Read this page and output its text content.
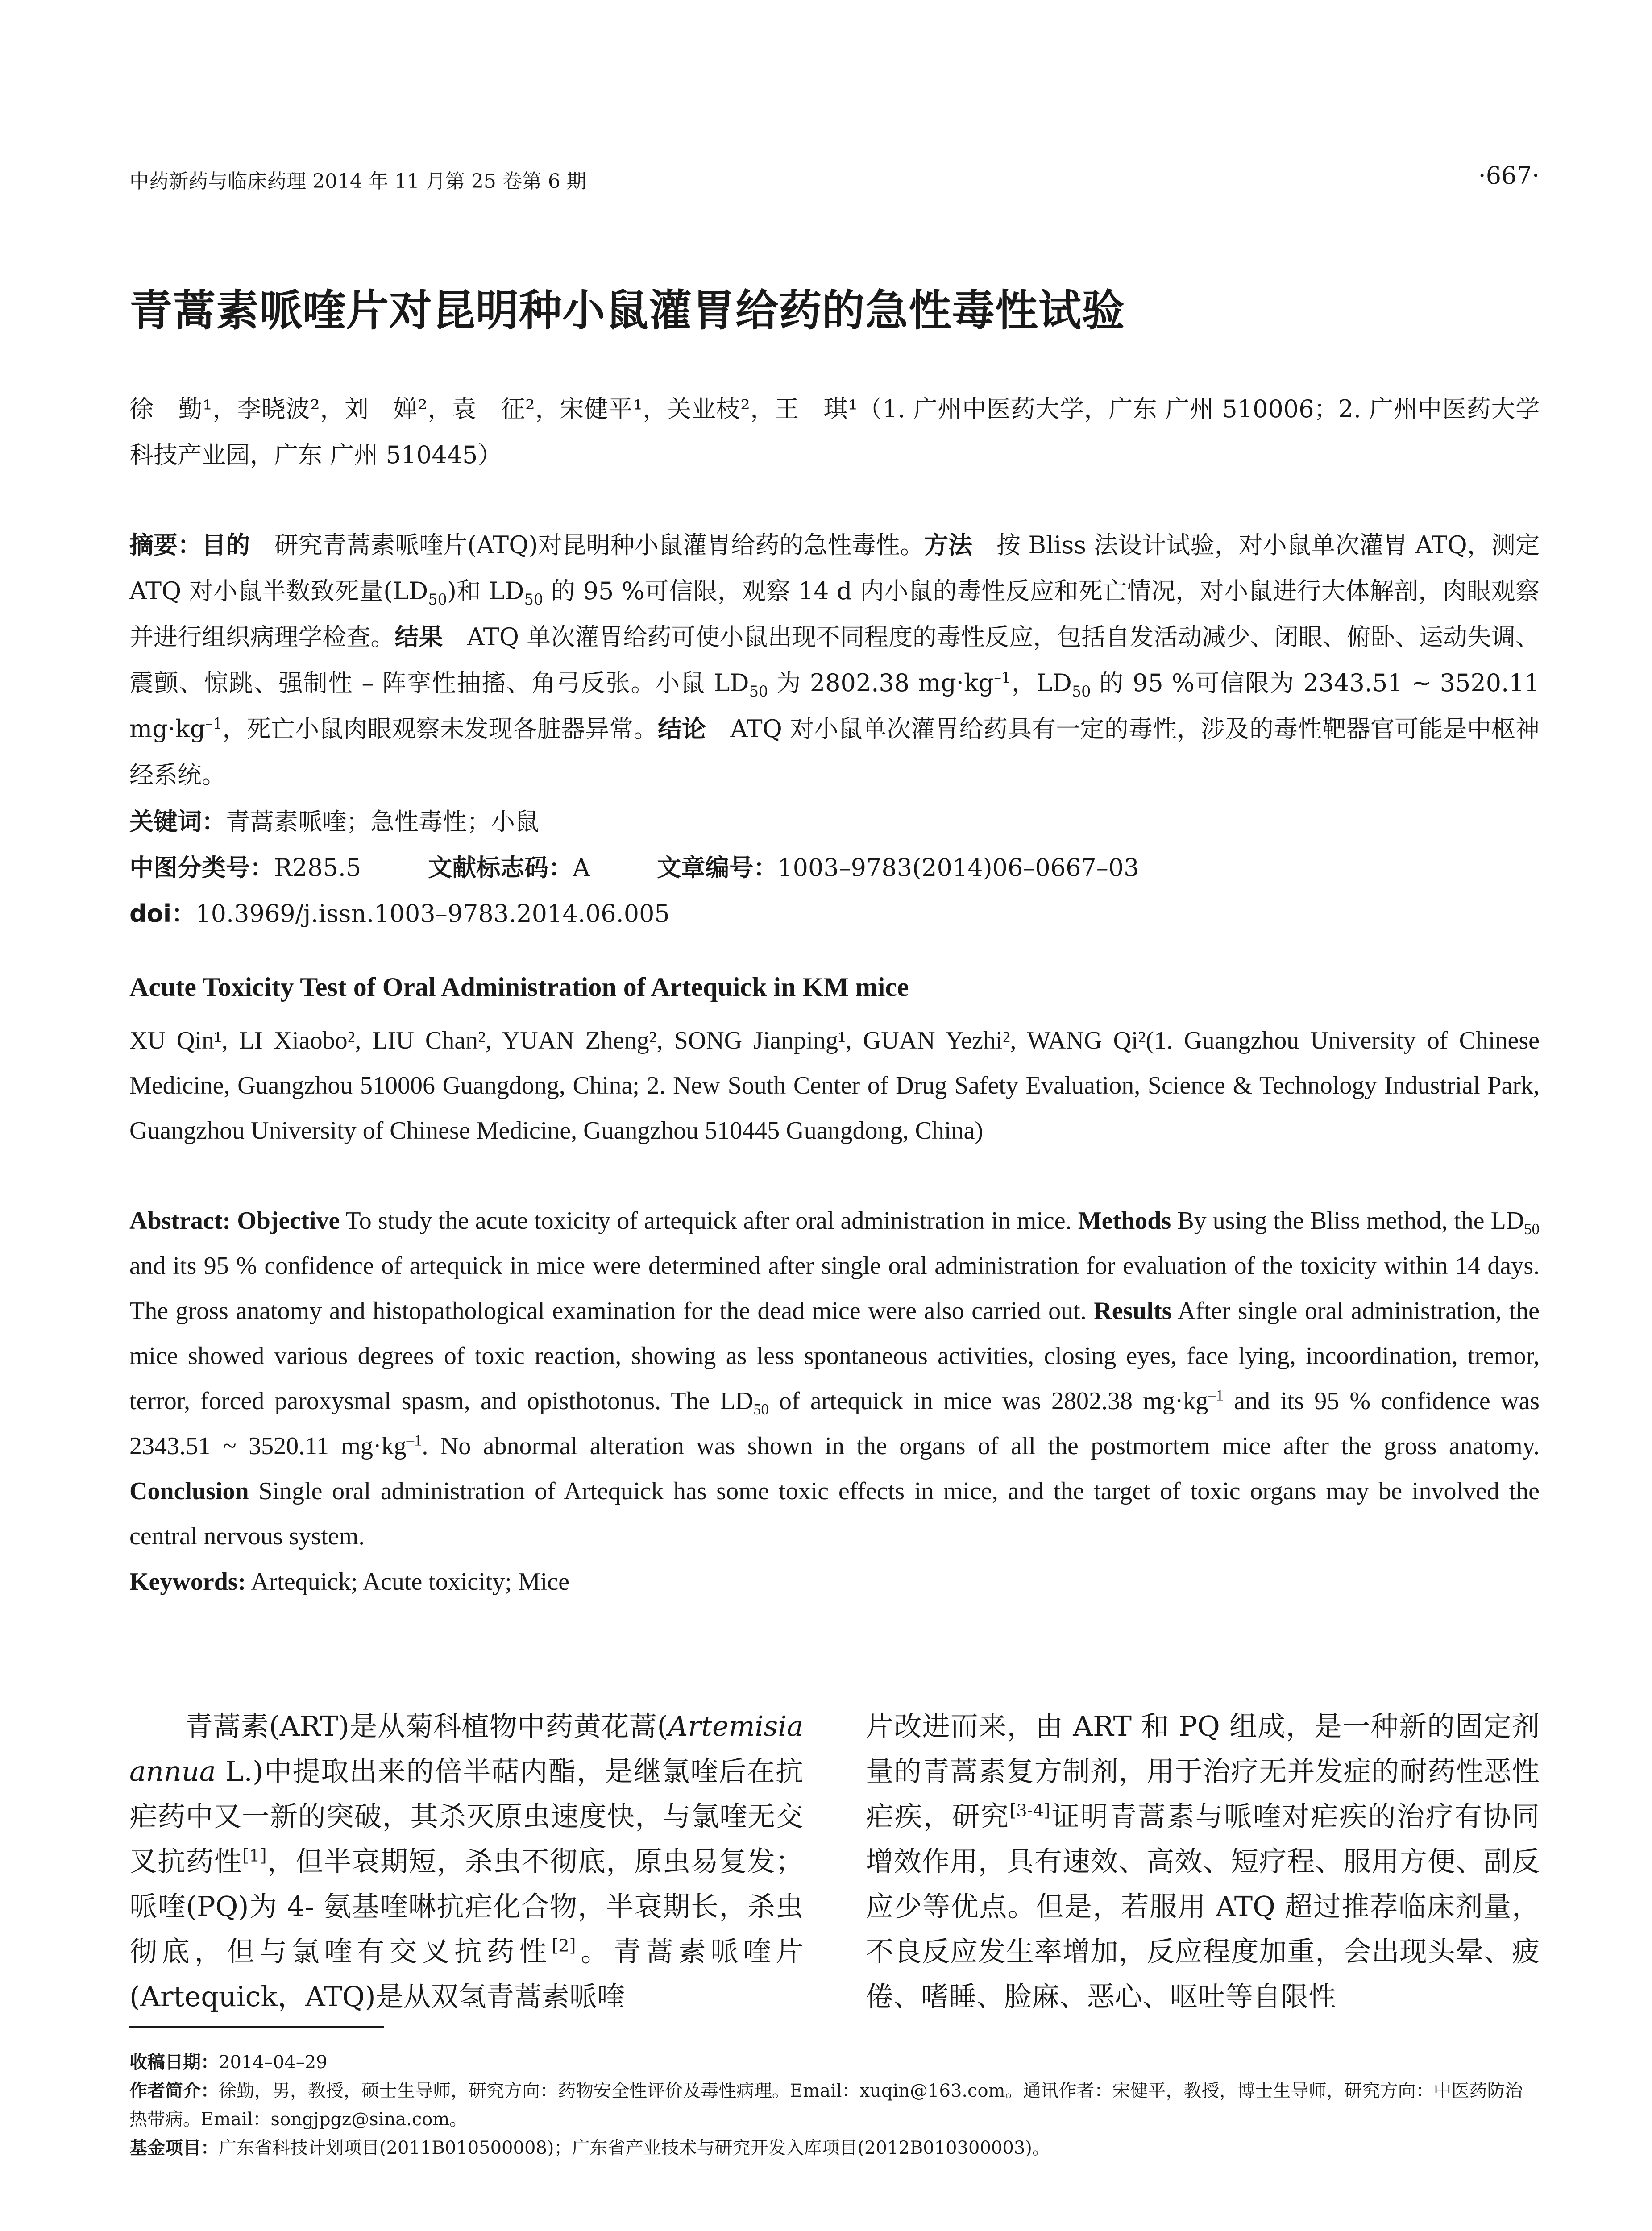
中药新药与临床药理 2014 年 11 月第 25 卷第 6 期	·667·
青蒿素哌喹片对昆明种小鼠灌胃给药的急性毒性试验
徐　勤¹，李晓波²，刘　婵²，袁　征²，宋健平¹，关业枝²，王　琪¹（1. 广州中医药大学，广东 广州 510006；2. 广州中医药大学科技产业园，广东 广州 510445）
摘要：目的　研究青蒿素哌喹片(ATQ)对昆明种小鼠灌胃给药的急性毒性。方法　按 Bliss 法设计试验，对小鼠单次灌胃 ATQ，测定 ATQ 对小鼠半数致死量$(LD_{50})$和 $LD_{50}$ 的 95 %可信限，观察 14 d 内小鼠的毒性反应和死亡情况，对小鼠进行大体解剖，肉眼观察并进行组织病理学检查。结果　ATQ 单次灌胃给药可使小鼠出现不同程度的毒性反应，包括自发活动减少、闭眼、俯卧、运动失调、震颤、惊跳、强制性 – 阵挛性抽搐、角弓反张。小鼠 $LD_{50}$ 为 2802.38 $mg\cdot kg^{-1}$，$LD_{50}$ 的 95 %可信限为 2343.51 ~ 3520.11 $mg\cdot kg^{-1}$，死亡小鼠肉眼观察未发现各脏器异常。结论　ATQ 对小鼠单次灌胃给药具有一定的毒性，涉及的毒性靶器官可能是中枢神经系统。
关键词：青蒿素哌喹；急性毒性；小鼠
中图分类号：R285.5	文献标志码：A	文章编号：1003–9783(2014)06–0667–03
doi：10.3969/j.issn.1003–9783.2014.06.005
Acute Toxicity Test of Oral Administration of Artequick in KM mice
XU Qin¹, LI Xiaobo², LIU Chan², YUAN Zheng², SONG Jianping¹, GUAN Yezhi², WANG Qi²(1. Guangzhou University of Chinese Medicine, Guangzhou 510006 Guangdong, China; 2. New South Center of Drug Safety Evaluation, Science & Technology Industrial Park, Guangzhou University of Chinese Medicine, Guangzhou 510445 Guangdong, China)
Abstract: Objective To study the acute toxicity of artequick after oral administration in mice. Methods By using the Bliss method, the $LD_{50}$ and its 95 % confidence of artequick in mice were determined after single oral administration for evaluation of the toxicity within 14 days. The gross anatomy and histopathological examination for the dead mice were also carried out. Results After single oral administration, the mice showed various degrees of toxic reaction, showing as less spontaneous activities, closing eyes, face lying, incoordination, tremor, terror, forced paroxysmal spasm, and opisthotonus. The $LD_{50}$ of artequick in mice was 2802.38 $mg\cdot kg^{-1}$ and its 95 % confidence was 2343.51 ~ 3520.11 $mg\cdot kg^{-1}$. No abnormal alteration was shown in the organs of all the postmortem mice after the gross anatomy. Conclusion Single oral administration of Artequick has some toxic effects in mice, and the target of toxic organs may be involved the central nervous system.
Keywords: Artequick; Acute toxicity; Mice
青蒿素(ART)是从菊科植物中药黄花蒿(Artemisia annua L.)中提取出来的倍半萜内酯，是继氯喹后在抗疟药中又一新的突破，其杀灭原虫速度快，与氯喹无交叉抗药性[1]，但半衰期短，杀虫不彻底，原虫易复发；哌喹(PQ)为 4- 氨基喹啉抗疟化合物，半衰期长，杀虫彻底，但与氯喹有交叉抗药性[2]。青蒿素哌喹片(Artequick，ATQ)是从双氢青蒿素哌喹
片改进而来，由 ART 和 PQ 组成，是一种新的固定剂量的青蒿素复方制剂，用于治疗无并发症的耐药性恶性疟疾，研究[3-4]证明青蒿素与哌喹对疟疾的治疗有协同增效作用，具有速效、高效、短疗程、服用方便、副反应少等优点。但是，若服用 ATQ 超过推荐临床剂量，不良反应发生率增加，反应程度加重，会出现头晕、疲倦、嗜睡、脸麻、恶心、呕吐等自限性

收稿日期：2014–04–29

作者简介：徐勤，男，教授，硕士生导师，研究方向：药物安全性评价及毒性病理。Email：xuqin@163.com。通讯作者：宋健平，教授，博士生导师，研究方向：中医药防治热带病。Email：songjpgz@sina.com。

基金项目：广东省科技计划项目(2011B010500008)；广东省产业技术与研究开发入库项目(2012B010300003)。
